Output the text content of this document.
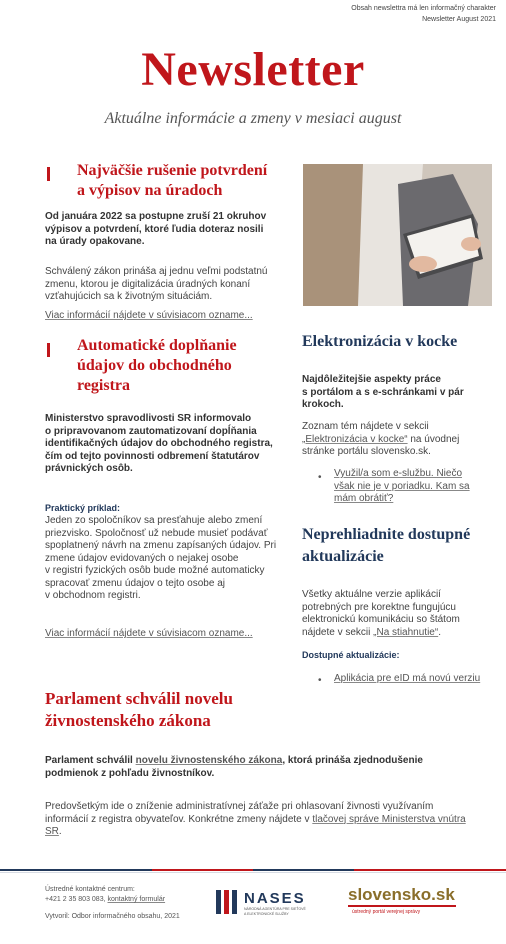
Obsah newslettra má len informačný charakter
Newsletter August 2021
Newsletter
Aktuálne informácie a zmeny v mesiaci august
Najväčšie rušenie potvrdení
a výpisov na úradoch
Od januára 2022 sa postupne zruší 21 okruhov
výpisov a potvrdení, ktoré ľudia doteraz nosili
na úrady opakovane.
Schválený zákon prináša aj jednu veľmi podstatnú
zmenu, ktorou je digitalizácia úradných konaní
vzťahujúcich sa k životným situáciám.
Viac informácií nájdete v súvisiacom ozname...
Automatické doplňanie
údajov do obchodného
registra
Ministerstvo spravodlivosti SR informovalo
o pripravovanom zautomatizovaní dopĺňania
identifikačných údajov do obchodného registra,
čím od tejto povinnosti odbremení štatutárov
právnických osôb.
Praktický príklad:
Jeden zo spoločníkov sa presťahuje alebo zmení
priezvisko. Spoločnosť už nebude musieť podávať
spoplatnený návrh na zmenu zapísaných údajov. Pri
zmene údajov evidovaných o nejakej osobe
v registri fyzických osôb bude možné automaticky
spracovať zmenu údajov o tejto osobe aj
v obchodnom registri.
Viac informácií nájdete v súvisiacom ozname...
Elektronizácia v kocke
Najdôležitejšie aspekty práce
s portálom a s e-schránkami v pár
krokoch.
Zoznam tém nájdete v sekcii
„Elektronizácia v kocke“ na úvodnej
stránke portálu slovensko.sk.
• Využil/a som e-službu. Niečo
však nie je v poriadku. Kam sa
mám obrátiť?
Neprehliadnite dostupné
aktualizácie
Všetky aktuálne verzie aplikácií
potrebných pre korektne fungujúcu
elektronickú komunikáciu so štátom
nájdete v sekcii „Na stiahnutie“.
Dostupné aktualizácie:
• Aplikácia pre eID má novú verziu
Parlament schválil novelu
živnostenského zákona
Parlament schválil novelu živnostenského zákona, ktorá prináša zjednodušenie
podmienok z pohľadu živnostníkov.
Predovšetkým ide o zníženie administratívnej záťaže pri ohlasovaní živnosti využívaním
informácií z registra obyvateľov. Konkrétne zmeny nájdete v tlačovej správe Ministerstva vnútra
SR.
Ústredné kontaktné centrum:
+421 2 35 803 083, kontaktný formulár
Vytvoril: Odbor informačného obsahu, 2021
NASES
NÁRODNÁ AGENTÚRA PRE SIEŤOVÉ
A ELEKTRONICKÉ SLUŽBY
slovensko.sk
ústredný portál verejnej správy
